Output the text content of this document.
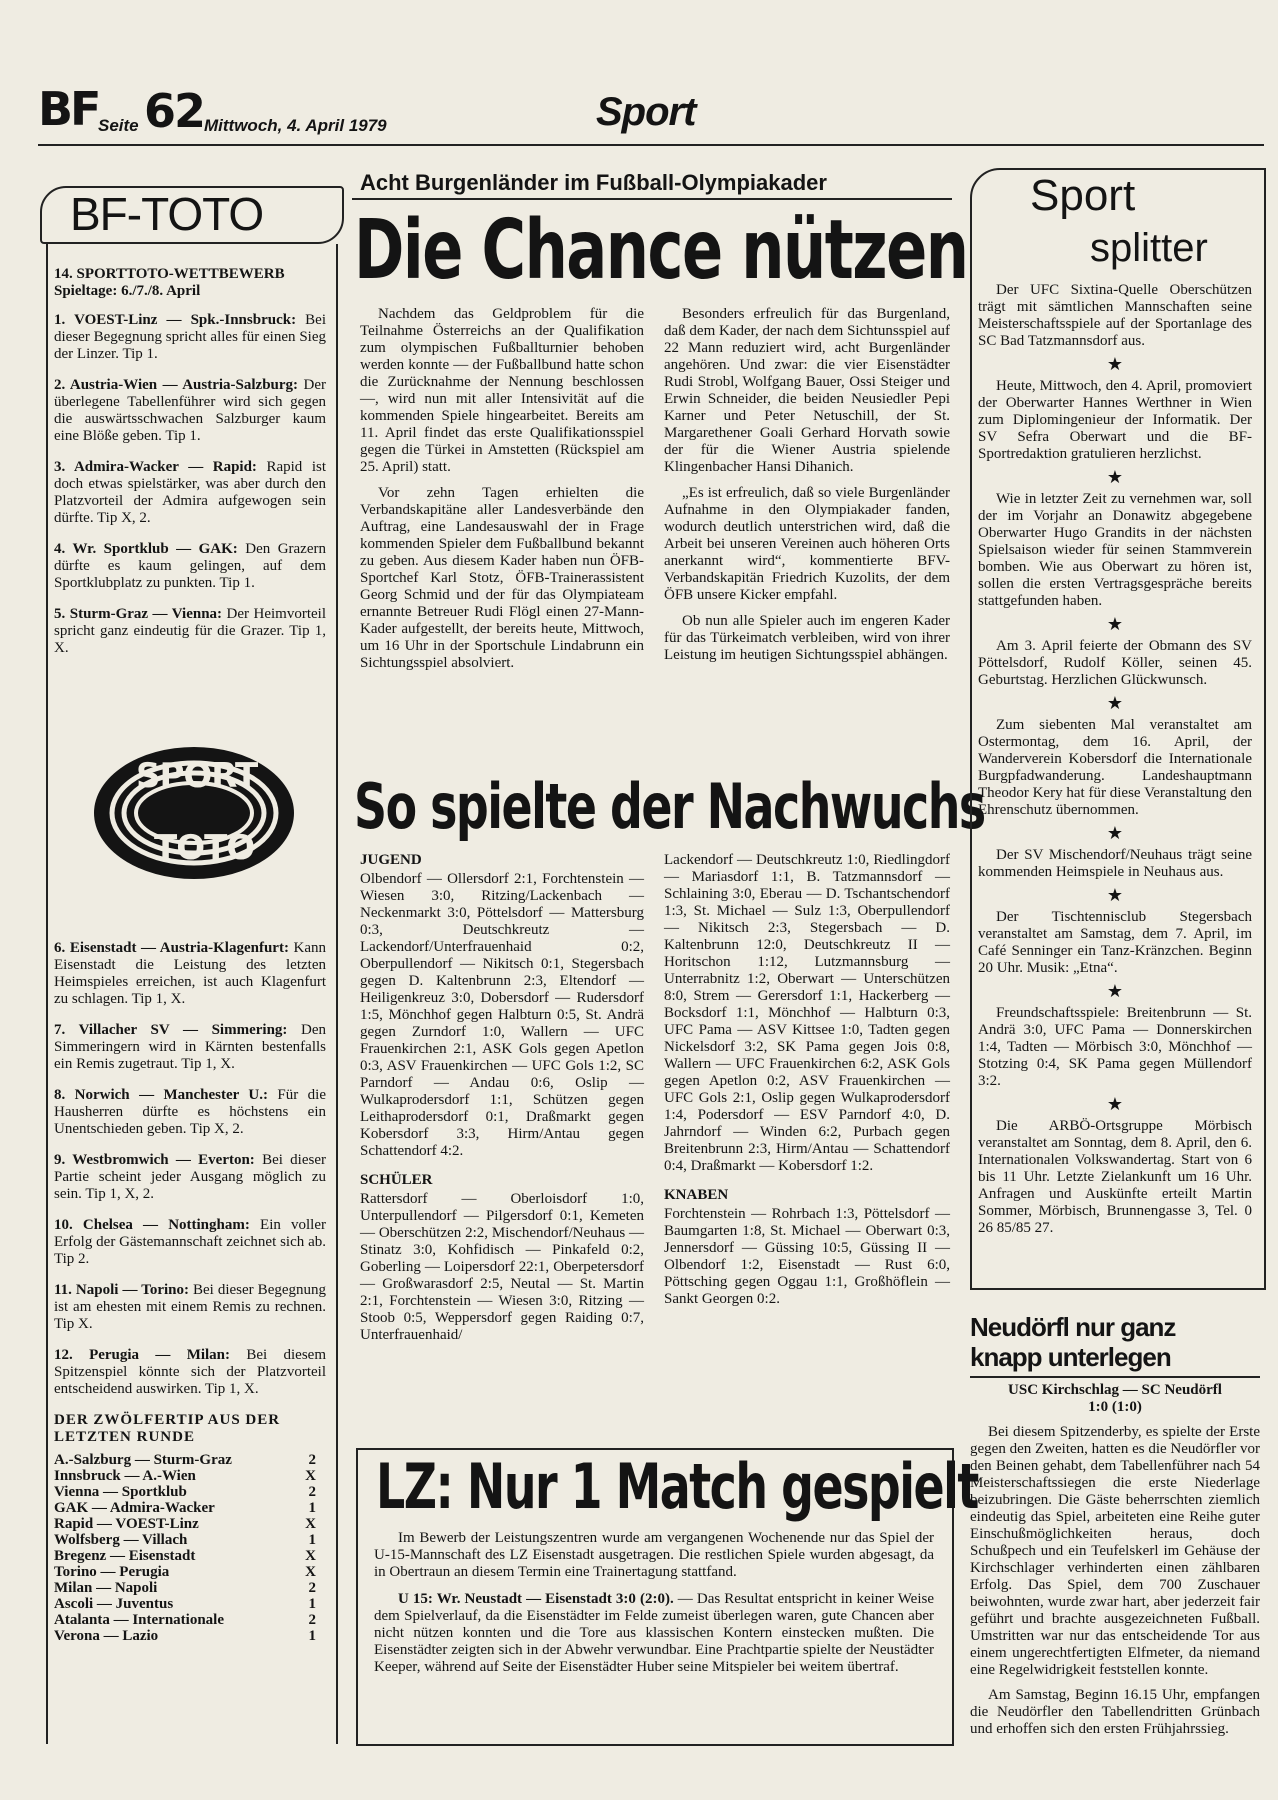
BF Seite 62 Mittwoch, 4. April 1979	Sport
BF-TOTO
14. SPORTTOTO-WETTBEWERB
Spieltage: 6./7./8. April

1. VOEST-Linz — Spk.-Innsbruck: Bei dieser Begegnung spricht alles für einen Sieg der Linzer. Tip 1.

2. Austria-Wien — Austria-Salzburg: Der überlegene Tabellenführer wird sich gegen die auswärtsschwachen Salzburger kaum eine Blöße geben. Tip 1.

3. Admira-Wacker — Rapid: Rapid ist doch etwas spielstärker, was aber durch den Platzvorteil der Admira aufgewogen sein dürfte. Tip X, 2.

4. Wr. Sportklub — GAK: Den Grazern dürfte es kaum gelingen, auf dem Sportklubplatz zu punkten. Tip 1.

5. Sturm-Graz — Vienna: Der Heimvorteil spricht ganz eindeutig für die Grazer. Tip 1, X.

SPORT
TOTO

6. Eisenstadt — Austria-Klagenfurt: Kann Eisenstadt die Leistung des letzten Heimspieles erreichen, ist auch Klagenfurt zu schlagen. Tip 1, X.

7. Villacher SV — Simmering: Den Simmeringern wird in Kärnten bestenfalls ein Remis zugetraut. Tip 1, X.

8. Norwich — Manchester U.: Für die Hausherren dürfte es höchstens ein Unentschieden geben. Tip X, 2.

9. Westbromwich — Everton: Bei dieser Partie scheint jeder Ausgang möglich zu sein. Tip 1, X, 2.

10. Chelsea — Nottingham: Ein voller Erfolg der Gästemannschaft zeichnet sich ab. Tip 2.

11. Napoli — Torino: Bei dieser Begegnung ist am ehesten mit einem Remis zu rechnen. Tip X.

12. Perugia — Milan: Bei diesem Spitzenspiel könnte sich der Platzvorteil entscheidend auswirken. Tip 1, X.

DER ZWÖLFERTIP AUS DER LETZTEN RUNDE
A.-Salzburg — Sturm-Graz	2
Innsbruck — A.-Wien	X
Vienna — Sportklub	2
GAK — Admira-Wacker	1
Rapid — VOEST-Linz	X
Wolfsberg — Villach	1
Bregenz — Eisenstadt	X
Torino — Perugia	X
Milan — Napoli	2
Ascoli — Juventus	1
Atalanta — Internationale	2
Verona — Lazio	1
Acht Burgenländer im Fußball-Olympiakader
Die Chance nützen

Nachdem das Geldproblem für die Teilnahme Österreichs an der Qualifikation zum olympischen Fußballturnier behoben werden konnte — der Fußballbund hatte schon die Zurücknahme der Nennung beschlossen —, wird nun mit aller Intensivität auf die kommenden Spiele hingearbeitet. Bereits am 11. April findet das erste Qualifikationsspiel gegen die Türkei in Amstetten (Rückspiel am 25. April) statt.

Vor zehn Tagen erhielten die Verbandskapitäne aller Landesverbände den Auftrag, eine Landesauswahl der in Frage kommenden Spieler dem Fußballbund bekannt zu geben. Aus diesem Kader haben nun ÖFB-Sportchef Karl Stotz, ÖFB-Trainerassistent Georg Schmid und der für das Olympiateam ernannte Betreuer Rudi Flögl einen 27-Mann-Kader aufgestellt, der bereits heute, Mittwoch, um 16 Uhr in der Sportschule Lindabrunn ein Sichtungsspiel absolviert.

Besonders erfreulich für das Burgenland, daß dem Kader, der nach dem Sichtunsspiel auf 22 Mann reduziert wird, acht Burgenländer angehören. Und zwar: die vier Eisenstädter Rudi Strobl, Wolfgang Bauer, Ossi Steiger und Erwin Schneider, die beiden Neusiedler Pepi Karner und Peter Netuschill, der St. Margarethener Goali Gerhard Horvath sowie der für die Wiener Austria spielende Klingenbacher Hansi Dihanich.

„Es ist erfreulich, daß so viele Burgenländer Aufnahme in den Olympiakader fanden, wodurch deutlich unterstrichen wird, daß die Arbeit bei unseren Vereinen auch höheren Orts anerkannt wird“, kommentierte BFV-Verbandskapitän Friedrich Kuzolits, der dem ÖFB unsere Kicker empfahl.

Ob nun alle Spieler auch im engeren Kader für das Türkeimatch verbleiben, wird von ihrer Leistung im heutigen Sichtungsspiel abhängen.

So spielte der Nachwuchs
JUGEND

Olbendorf — Ollersdorf 2:1, Forchtenstein — Wiesen 3:0, Ritzing/Lackenbach — Neckenmarkt 3:0, Pöttelsdorf — Mattersburg 0:3, Deutschkreutz — Lackendorf/Unterfrauenhaid 0:2, Oberpullendorf — Nikitsch 0:1, Stegersbach gegen D. Kaltenbrunn 2:3, Eltendorf — Heiligenkreuz 3:0, Dobersdorf — Rudersdorf 1:5, Mönchhof gegen Halbturn 0:5, St. Andrä gegen Zurndorf 1:0, Wallern — UFC Frauenkirchen 2:1, ASK Gols gegen Apetlon 0:3, ASV Frauenkirchen — UFC Gols 1:2, SC Parndorf — Andau 0:6, Oslip — Wulkaprodersdorf 1:1, Schützen gegen Leithaprodersdorf 0:1, Draßmarkt gegen Kobersdorf 3:3, Hirm/Antau gegen Schattendorf 4:2.

SCHÜLER

Rattersdorf — Oberloisdorf 1:0, Unterpullendorf — Pilgersdorf 0:1, Kemeten — Oberschützen 2:2, Mischendorf/Neuhaus — Stinatz 3:0, Kohfidisch — Pinkafeld 0:2, Goberling — Loipersdorf 22:1, Oberpetersdorf — Großwarasdorf 2:5, Neutal — St. Martin 2:1, Forchtenstein — Wiesen 3:0, Ritzing — Stoob 0:5, Weppersdorf gegen Raiding 0:7, Unterfrauenhaid/

Lackendorf — Deutschkreutz 1:0, Riedlingdorf — Mariasdorf 1:1, B. Tatzmannsdorf — Schlaining 3:0, Eberau — D. Tschantschendorf 1:3, St. Michael — Sulz 1:3, Oberpullendorf — Nikitsch 2:3, Stegersbach — D. Kaltenbrunn 12:0, Deutschkreutz II — Horitschon 1:12, Lutzmannsburg — Unterrabnitz 1:2, Oberwart — Unterschützen 8:0, Strem — Gerersdorf 1:1, Hackerberg — Bocksdorf 1:1, Mönchhof — Halbturn 0:3, UFC Pama — ASV Kittsee 1:0, Tadten gegen Nickelsdorf 3:2, SK Pama gegen Jois 0:8, Wallern — UFC Frauenkirchen 6:2, ASK Gols gegen Apetlon 0:2, ASV Frauenkirchen — UFC Gols 2:1, Oslip gegen Wulkaprodersdorf 1:4, Podersdorf — ESV Parndorf 4:0, D. Jahrndorf — Winden 6:2, Purbach gegen Breitenbrunn 2:3, Hirm/Antau — Schattendorf 0:4, Draßmarkt — Kobersdorf 1:2.

KNABEN

Forchtenstein — Rohrbach 1:3, Pöttelsdorf — Baumgarten 1:8, St. Michael — Oberwart 0:3, Jennersdorf — Güssing 10:5, Güssing II — Olbendorf 1:2, Eisenstadt — Rust 6:0, Pöttsching gegen Oggau 1:1, Großhöflein — Sankt Georgen 0:2.

LZ: Nur 1 Match gespielt

Im Bewerb der Leistungszentren wurde am vergangenen Wochenende nur das Spiel der U-15-Mannschaft des LZ Eisenstadt ausgetragen. Die restlichen Spiele wurden abgesagt, da in Obertraun an diesem Termin eine Trainertagung stattfand.

U 15: Wr. Neustadt — Eisenstadt 3:0 (2:0). — Das Resultat entspricht in keiner Weise dem Spielverlauf, da die Eisenstädter im Felde zumeist überlegen waren, gute Chancen aber nicht nützen konnten und die Tore aus klassischen Kontern einstecken mußten. Die Eisenstädter zeigten sich in der Abwehr verwundbar. Eine Prachtpartie spielte der Neustädter Keeper, während auf Seite der Eisenstädter Huber seine Mitspieler bei weitem übertraf.

Sport
splitter

Der UFC Sixtina-Quelle Oberschützen trägt mit sämtlichen Mannschaften seine Meisterschaftsspiele auf der Sportanlage des SC Bad Tatzmannsdorf aus.

★

Heute, Mittwoch, den 4. April, promoviert der Oberwarter Hannes Werthner in Wien zum Diplomingenieur der Informatik. Der SV Sefra Oberwart und die BF-Sportredaktion gratulieren herzlichst.

★

Wie in letzter Zeit zu vernehmen war, soll der im Vorjahr an Donawitz abgegebene Oberwarter Hugo Grandits in der nächsten Spielsaison wieder für seinen Stammverein bomben. Wie aus Oberwart zu hören ist, sollen die ersten Vertragsgespräche bereits stattgefunden haben.

★

Am 3. April feierte der Obmann des SV Pöttelsdorf, Rudolf Köller, seinen 45. Geburtstag. Herzlichen Glückwunsch.

★

Zum siebenten Mal veranstaltet am Ostermontag, dem 16. April, der Wanderverein Kobersdorf die Internationale Burgpfadwanderung. Landeshauptmann Theodor Kery hat für diese Veranstaltung den Ehrenschutz übernommen.

★

Der SV Mischendorf/Neuhaus trägt seine kommenden Heimspiele in Neuhaus aus.

★

Der Tischtennisclub Stegersbach veranstaltet am Samstag, dem 7. April, im Café Senninger ein Tanz-Kränzchen. Beginn 20 Uhr. Musik: „Etna“.

★

Freundschaftsspiele: Breitenbrunn — St. Andrä 3:0, UFC Pama — Donnerskirchen 1:4, Tadten — Mörbisch 3:0, Mönchhof — Stotzing 0:4, SK Pama gegen Müllendorf 3:2.

★

Die ARBÖ-Ortsgruppe Mörbisch veranstaltet am Sonntag, dem 8. April, den 6. Internationalen Volkswandertag. Start von 6 bis 11 Uhr. Letzte Zielankunft um 16 Uhr. Anfragen und Auskünfte erteilt Martin Sommer, Mörbisch, Brunnengasse 3, Tel. 0 26 85/85 27.

Neudörfl nur ganz
knapp unterlegen
USC Kirchschlag — SC Neudörfl
1:0 (1:0)

Bei diesem Spitzenderby, es spielte der Erste gegen den Zweiten, hatten es die Neudörfler vor den Beinen gehabt, dem Tabellenführer nach 54 Meisterschaftssiegen die erste Niederlage beizubringen. Die Gäste beherrschten ziemlich eindeutig das Spiel, arbeiteten eine Reihe guter Einschußmöglichkeiten heraus, doch Schußpech und ein Teufelskerl im Gehäuse der Kirchschlager verhinderten einen zählbaren Erfolg. Das Spiel, dem 700 Zuschauer beiwohnten, wurde zwar hart, aber jederzeit fair geführt und brachte ausgezeichneten Fußball. Umstritten war nur das entscheidende Tor aus einem ungerechtfertigten Elfmeter, da niemand eine Regelwidrigkeit feststellen konnte.

Am Samstag, Beginn 16.15 Uhr, empfangen die Neudörfler den Tabellendritten Grünbach und erhoffen sich den ersten Frühjahrssieg.
